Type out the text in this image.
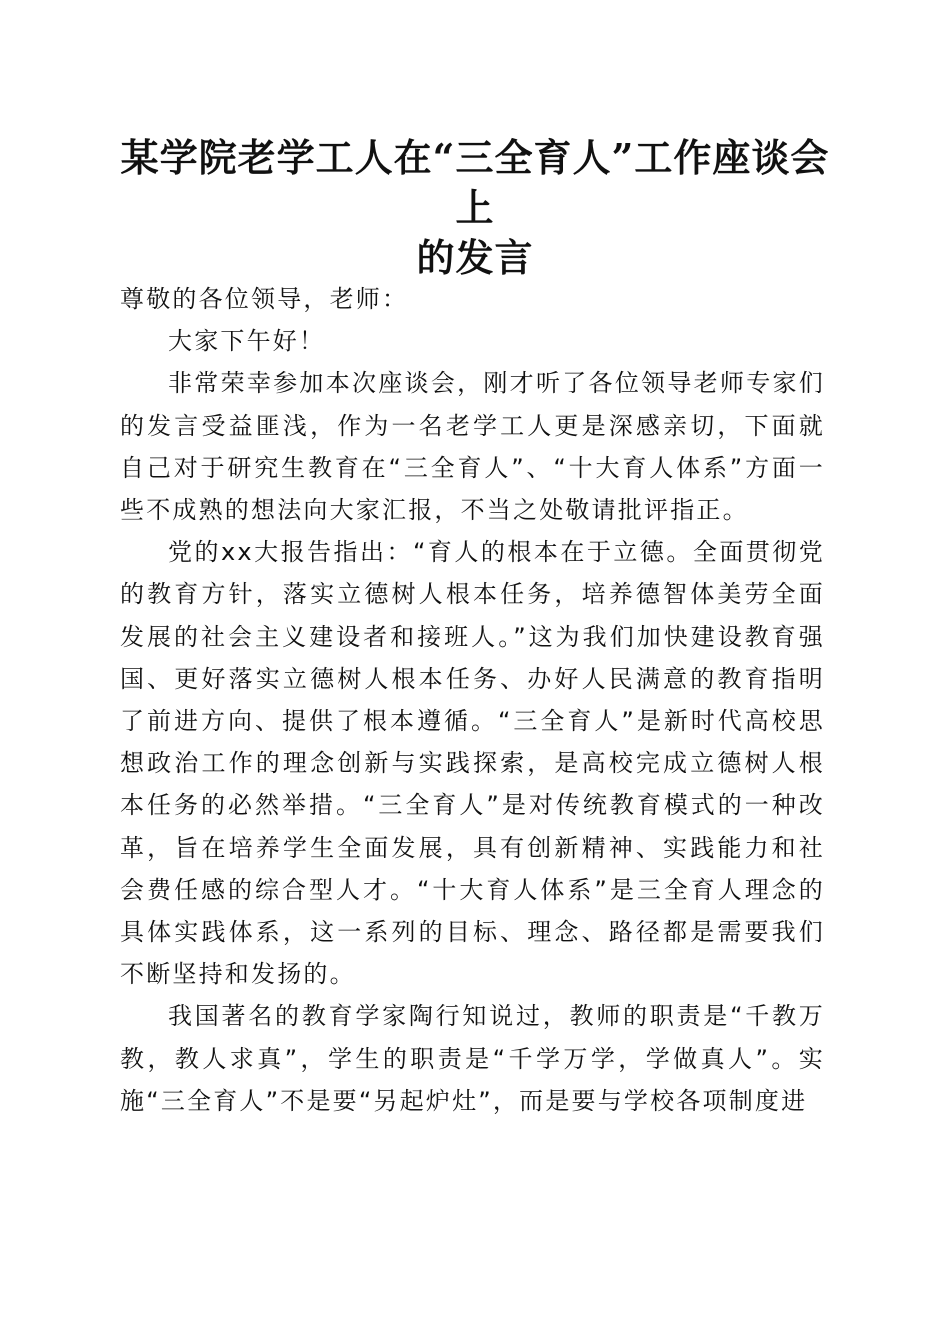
某学院老学工人在“三全育人”工作座谈会上
的发言

尊敬的各位领导，老师：

大家下午好！

非常荣幸参加本次座谈会，刚才听了各位领导老师专家们的发言受益匪浅，作为一名老学工人更是深感亲切，下面就自己对于研究生教育在“三全育人”、“十大育人体系”方面一些不成熟的想法向大家汇报，不当之处敬请批评指正。

党的xx大报告指出：“育人的根本在于立德。全面贯彻党的教育方针，落实立德树人根本任务，培养德智体美劳全面发展的社会主义建设者和接班人。”这为我们加快建设教育强国、更好落实立德树人根本任务、办好人民满意的教育指明了前进方向、提供了根本遵循。“三全育人”是新时代高校思想政治工作的理念创新与实践探索，是高校完成立德树人根本任务的必然举措。“三全育人”是对传统教育模式的一种改革，旨在培养学生全面发展，具有创新精神、实践能力和社会费任感的综合型人才。“十大育人体系”是三全育人理念的具体实践体系，这一系列的目标、理念、路径都是需要我们不断坚持和发扬的。

我国著名的教育学家陶行知说过，教师的职责是“千教万教，教人求真”，学生的职责是“千学万学，学做真人”。实施“三全育人”不是要“另起炉灶”，而是要与学校各项制度进
